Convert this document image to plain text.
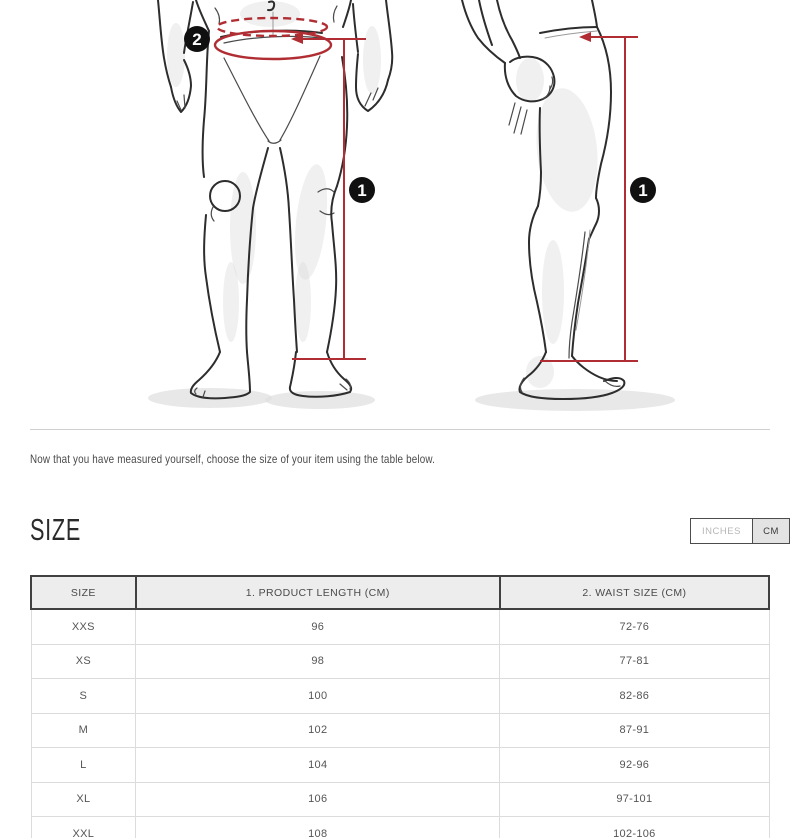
2
1	1
Now that you have measured yourself, choose the size of your item using the table below.
SIZE	INCHES	CM
SIZE	1. PRODUCT LENGTH (CM)	2. WAIST SIZE (CM)
XXS	96	72-76
XS	98	77-81
S	100	82-86
M	102	87-91
L	104	92-96
XL	106	97-101
XXL	108	102-106
